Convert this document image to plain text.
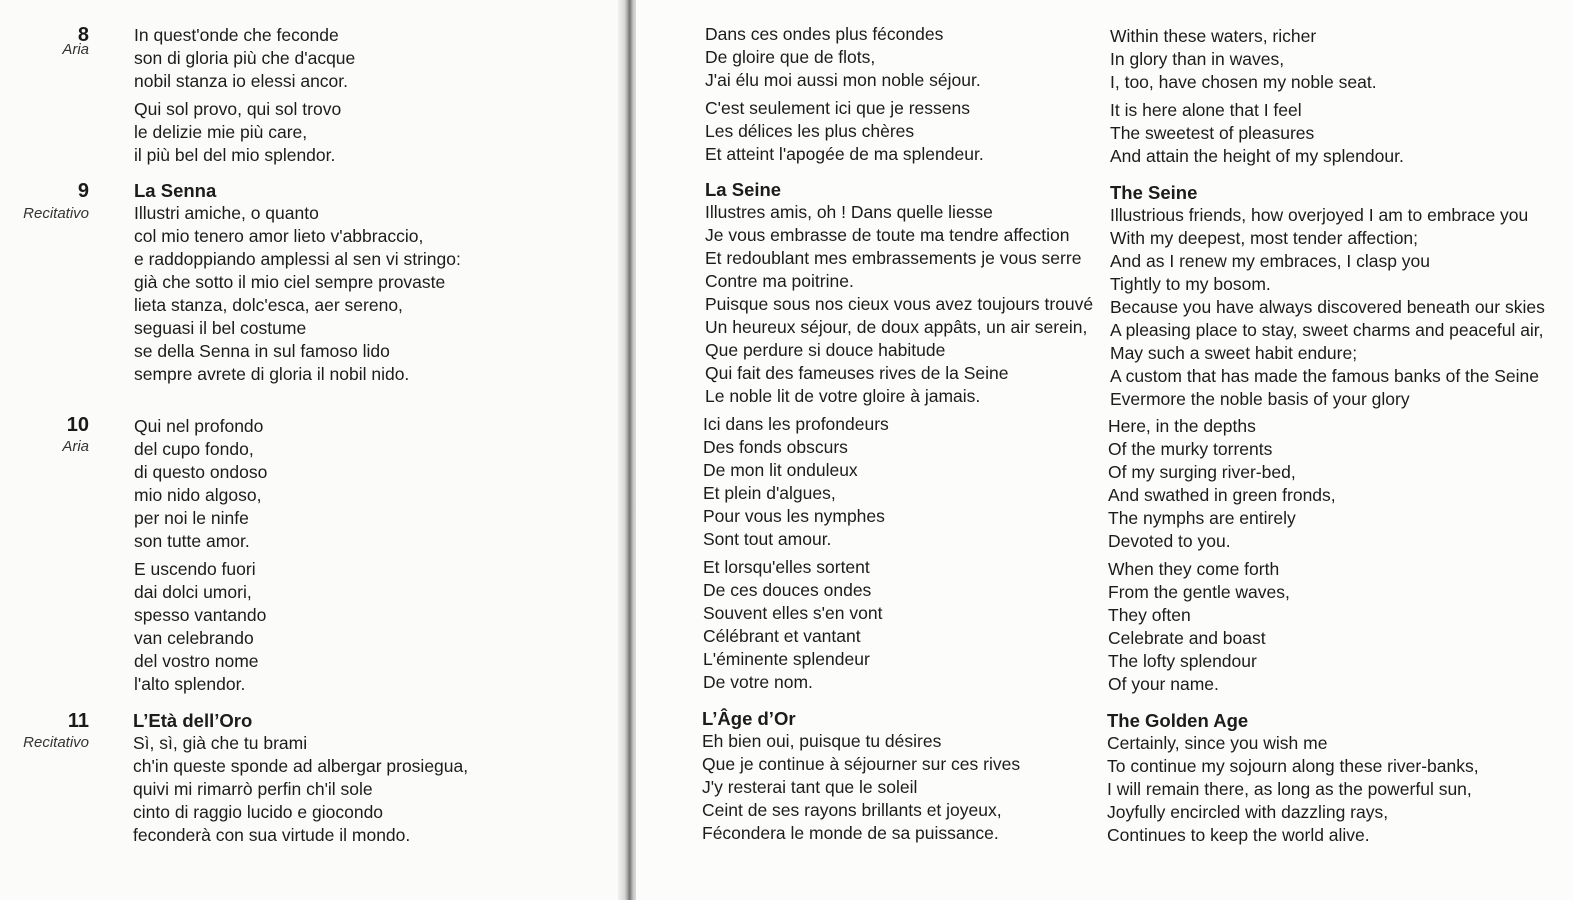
8
Aria
9
Recitativo
10
Aria
11
Recitativo
In quest'onde che feconde
son di gloria più che d'acque
nobil stanza io elessi ancor.
Qui sol provo, qui sol trovo
le delizie mie più care,
il più bel del mio splendor.

La Senna

Illustri amiche, o quanto
col mio tenero amor lieto v'abbraccio,
e raddoppiando amplessi al sen vi stringo:
già che sotto il mio ciel sempre provaste
lieta stanza, dolc'esca, aer sereno,
seguasi il bel costume
se della Senna in sul famoso lido
sempre avrete di gloria il nobil nido.
Qui nel profondo
del cupo fondo,
di questo ondoso
mio nido algoso,
per noi le ninfe
son tutte amor.
E uscendo fuori
dai dolci umori,
spesso vantando
van celebrando
del vostro nome
l'alto splendor.

L’Età dell’Oro

Sì, sì, già che tu brami
ch'in queste sponde ad albergar prosiegua,
quivi mi rimarrò perfin ch'il sole
cinto di raggio lucido e giocondo
feconderà con sua virtude il mondo.
Dans ces ondes plus fécondes
De gloire que de flots,
J'ai élu moi aussi mon noble séjour.
C'est seulement ici que je ressens
Les délices les plus chères
Et atteint l'apogée de ma splendeur.

La Seine

Illustres amis, oh ! Dans quelle liesse
Je vous embrasse de toute ma tendre affection
Et redoublant mes embrassements je vous serre
Contre ma poitrine.
Puisque sous nos cieux vous avez toujours trouvé
Un heureux séjour, de doux appâts, un air serein,
Que perdure si douce habitude
Qui fait des fameuses rives de la Seine
Le noble lit de votre gloire à jamais.
Ici dans les profondeurs
Des fonds obscurs
De mon lit onduleux
Et plein d'algues,
Pour vous les nymphes
Sont tout amour.
Et lorsqu'elles sortent
De ces douces ondes
Souvent elles s'en vont
Célébrant et vantant
L'éminente splendeur
De votre nom.

L’Âge d’Or

Eh bien oui, puisque tu désires
Que je continue à séjourner sur ces rives
J'y resterai tant que le soleil
Ceint de ses rayons brillants et joyeux,
Fécondera le monde de sa puissance.
Within these waters, richer
In glory than in waves,
I, too, have chosen my noble seat.
It is here alone that I feel
The sweetest of pleasures
And attain the height of my splendour.

The Seine

Illustrious friends, how overjoyed I am to embrace you
With my deepest, most tender affection;
And as I renew my embraces, I clasp you
Tightly to my bosom.
Because you have always discovered beneath our skies
A pleasing place to stay, sweet charms and peaceful air,
May such a sweet habit endure;
A custom that has made the famous banks of the Seine
Evermore the noble basis of your glory
Here, in the depths
Of the murky torrents
Of my surging river-bed,
And swathed in green fronds,
The nymphs are entirely
Devoted to you.
When they come forth
From the gentle waves,
They often
Celebrate and boast
The lofty splendour
Of your name.

The Golden Age

Certainly, since you wish me
To continue my sojourn along these river-banks,
I will remain there, as long as the powerful sun,
Joyfully encircled with dazzling rays,
Continues to keep the world alive.
